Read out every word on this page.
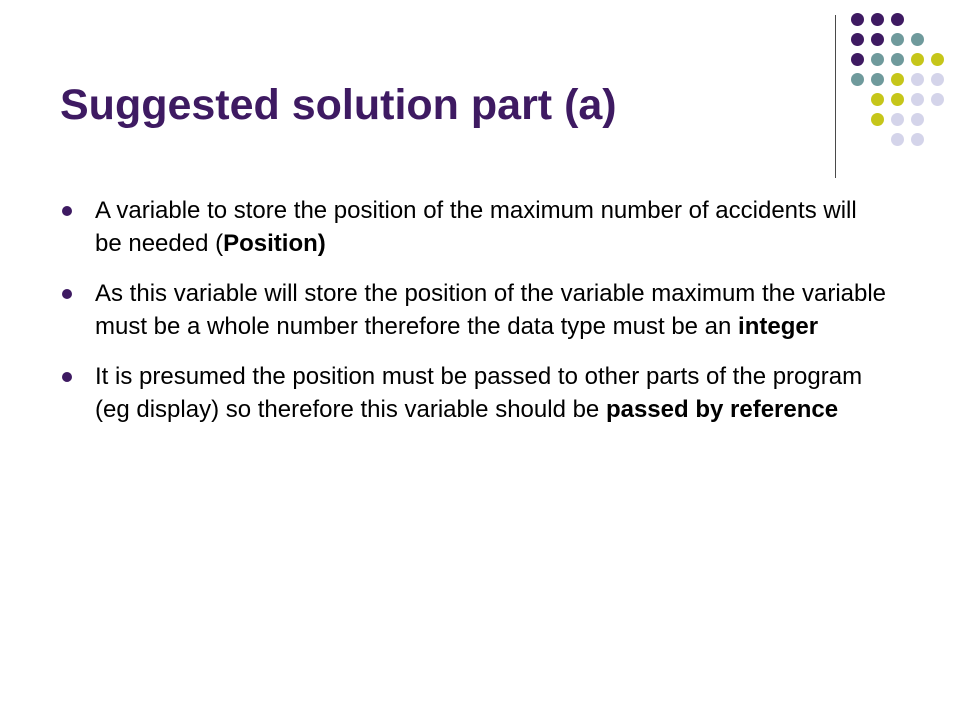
Suggested solution part (a)
A variable to store the position of the maximum number of accidents will be needed (Position)
As this variable will store the position of the variable maximum the variable must be a whole number therefore the data type must be an integer
It is presumed the position must be passed to other parts of the program (eg display) so therefore this variable should be passed by reference
